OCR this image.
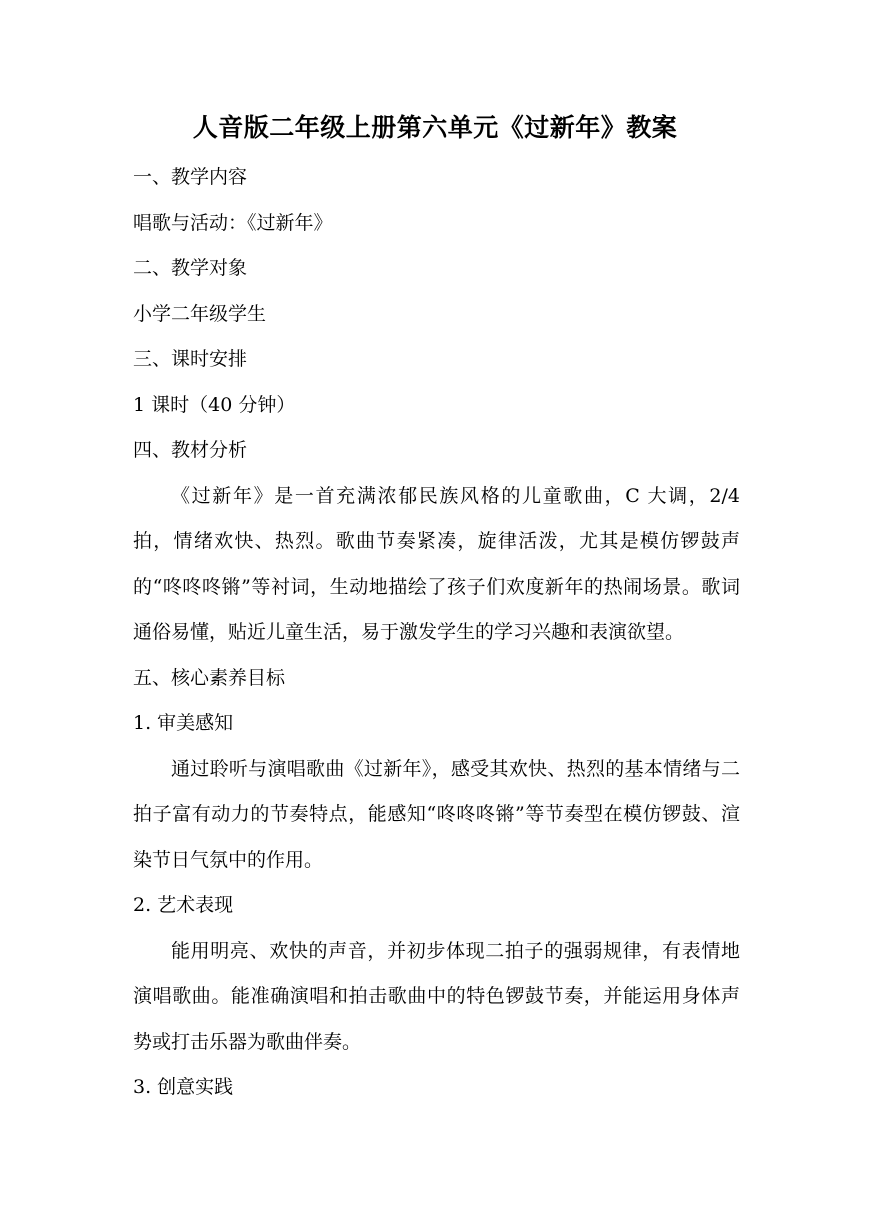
人音版二年级上册第六单元《过新年》教案

一、教学内容

唱歌与活动：《过新年》

二、教学对象

小学二年级学生

三、课时安排

1 课时（40 分钟）

四、教材分析

《过新年》是一首充满浓郁民族风格的儿童歌曲，C 大调，2/4 拍，情绪欢快、热烈。歌曲节奏紧凑，旋律活泼，尤其是模仿锣鼓声的“咚咚咚锵”等衬词，生动地描绘了孩子们欢度新年的热闹场景。歌词通俗易懂，贴近儿童生活，易于激发学生的学习兴趣和表演欲望。

五、核心素养目标

1. 审美感知

通过聆听与演唱歌曲《过新年》，感受其欢快、热烈的基本情绪与二拍子富有动力的节奏特点，能感知“咚咚咚锵”等节奏型在模仿锣鼓、渲染节日气氛中的作用。

2. 艺术表现

能用明亮、欢快的声音，并初步体现二拍子的强弱规律，有表情地演唱歌曲。能准确演唱和拍击歌曲中的特色锣鼓节奏，并能运用身体声势或打击乐器为歌曲伴奏。

3. 创意实践
